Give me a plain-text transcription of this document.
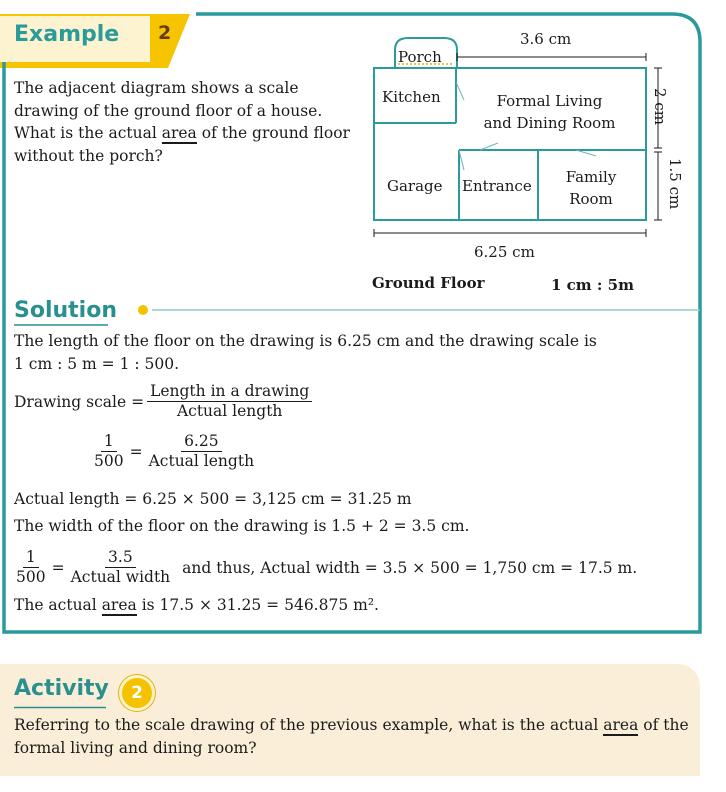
Example 2
The adjacent diagram shows a scale drawing of the ground floor of a house. What is the actual area of the ground floor without the porch?
3.6 cm
Porch
Kitchen	Formal Living
and Dining Room
Garage Entrance	Family
Room
2 cm
1.5 cm
6.25 cm
Ground Floor	1 cm : 5m
Solution
The length of the floor on the drawing is 6.25 cm and the drawing scale is
1 cm : 5 m = 1 : 500.
Drawing scale = $\frac{\text{Length in a drawing}}{\text{Actual length}}$
$\frac{1}{500} = \frac{6.25}{\text{Actual length}}$
Actual length = 6.25 × 500 = 3,125 cm = 31.25 m
The width of the floor on the drawing is 1.5 + 2 = 3.5 cm.
$\frac{1}{500} = \frac{3.5}{\text{Actual width}}$ and thus, Actual width = 3.5 × 500 = 1,750 cm = 17.5 m.
The actual area is 17.5 × 31.25 = 546.875 m².
Activity	2
Referring to the scale drawing of the previous example, what is the actual area of the formal living and dining room?
